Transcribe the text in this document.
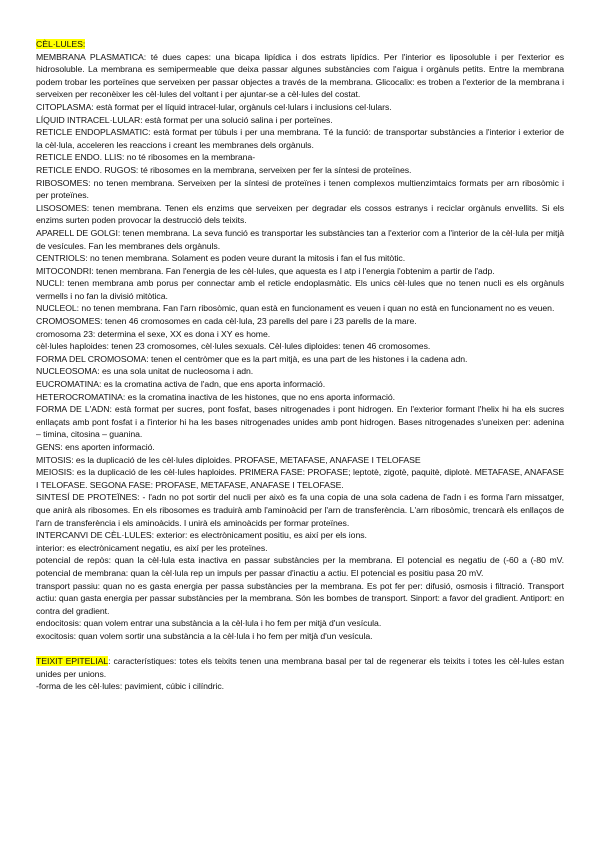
CÈL·LULES:

MEMBRANA PLASMATICA: té dues capes: una bicapa lipídica i dos estrats lipídics. Per l'interior es liposoluble i per l'exterior es hidrosoluble. La membrana es semipermeable que deixa passar algunes substàncies com l'aigua i orgànuls petits. Entre la membrana podem trobar les porteïnes que serveixen per passar objectes a través de la membrana. Glicocalix: es troben a l'exterior de la membrana i serveixen per reconèixer les cèl·lules del voltant i per ajuntar-se a cèl·lules del costat.

CITOPLASMA: està format per el líquid intracel·lular, orgànuls cel·lulars i inclusions cel·lulars.

LÍQUID INTRACEL·LULAR: està format per una solució salina i per porteïnes.

RETICLE ENDOPLASMATIC: està format per túbuls i per una membrana. Té la funció: de transportar substàncies a l'interior i exterior de la cèl·lula, acceleren les reaccions i creant les membranes dels orgànuls.

RETICLE ENDO. LLIS: no té ribosomes en la membrana-

RETICLE ENDO. RUGOS: té ribosomes en la membrana, serveixen per fer la síntesi de proteïnes.

RIBOSOMES: no tenen membrana. Serveixen per la síntesi de proteïnes i tenen complexos multienzimtaics formats per arn ribosòmic i per proteïnes.

LISOSOMES: tenen membrana. Tenen els enzims que serveixen per degradar els cossos estranys i reciclar orgànuls envellits. Si els enzims surten poden provocar la destrucció dels teixits.

APARELL DE GOLGI: tenen membrana. La seva funció es transportar les substàncies tan a l'exterior com a l'interior de la cèl·lula per mitjà de vesícules. Fan les membranes dels orgànuls.

CENTRIOLS: no tenen membrana. Solament es poden veure durant la mitosis i fan el fus mitòtic.

MITOCONDRI: tenen membrana. Fan l'energia de les cèl·lules, que aquesta es l atp i l'energia l'obtenim a partir de l'adp.

NUCLI: tenen membrana amb porus per connectar amb el reticle endoplasmàtic. Els unics cèl·lules que no tenen nucli es els orgànuls vermells i no fan la divisió mitòtica.

NUCLEOL: no tenen membrana. Fan l'arn ribosòmic, quan està en funcionament es veuen i quan no està en funcionament no es veuen.

CROMOSOMES: tenen 46 cromosomes en cada cèl·lula, 23 parells del pare i 23 parells de la mare.

cromosoma 23: determina el sexe, XX es dona i XY es home.

cèl·lules haploides: tenen 23 cromosomes, cèl·lules sexuals. Cèl·lules diploides: tenen 46 cromosomes.

FORMA DEL CROMOSOMA: tenen el centròmer que es la part mitjà, es una part de les histones i la cadena adn.

NUCLEOSOMA: es una sola unitat de nucleosoma i adn.

EUCROMATINA: es la cromatina activa de l'adn, que ens aporta informació.

HETEROCROMATINA: es la cromatina inactiva de les histones, que no ens aporta informació.

FORMA DE L'ADN: està format per sucres, pont fosfat, bases nitrogenades i pont hidrogen. En l'exterior formant l'helix hi ha els sucres enllaçats amb pont fosfat i a l'interior hi ha les bases nitrogenades unides amb pont hidrogen. Bases nitrogenades s'uneixen per: adenina – timina, citosina – guanina.

GENS: ens aporten informació.

MITOSIS: es la duplicació de les cèl·lules diploides. PROFASE, METAFASE, ANAFASE I TELOFASE

MEIOSIS: es la duplicació de les cèl·lules haploides. PRIMERA FASE: PROFASE; leptotè, zigotè, paquitè, diplotè. METAFASE, ANAFASE I TELOFASE. SEGONA FASE: PROFASE, METAFASE, ANAFASE I TELOFASE.

SINTESÍ DE PROTEÏNES: - l'adn no pot sortir del nucli per això es fa una copia de una sola cadena de l'adn i es forma l'arn missatger, que anirà als ribosomes. En els ribosomes es traduirà amb l'aminoàcid per l'arn de transferència. L'arn ribosòmic, trencarà els enllaços de l'arn de transferència i els aminoàcids. I unirà els aminoàcids per formar proteïnes.

INTERCANVI DE CÈL·LULES: exterior: es electrònicament positiu, es així per els ions.

interior: es electrònicament negatiu, es així per les proteïnes.

potencial de repòs: quan la cèl·lula esta inactiva en passar substàncies per la membrana. El potencial es negatiu de (-60 a (-80 mV. potencial de membrana: quan la cèl·lula rep un impuls per passar d'inactiu a actiu. El potencial es positiu pasa 20 mV.

transport passiu: quan no es gasta energia per passa substàncies per la membrana. Es pot fer per: difusió, osmosis i filtració. Transport actiu: quan gasta energia per passar substàncies per la membrana. Són les bombes de transport. Sinport: a favor del gradient. Antiport: en contra del gradient.

endocitosis: quan volem entrar una substància a la cèl·lula i ho fem per mitjà d'un vesícula.

exocitosis: quan volem sortir una substància a la cèl·lula i ho fem per mitjà d'un vesícula.

TEIXIT EPITELIAL: característiques: totes els teixits tenen una membrana basal per tal de regenerar els teixits i totes les cèl·lules estan unides per unions.

-forma de les cèl·lules: pavimient, cúbic i cilíndric.
